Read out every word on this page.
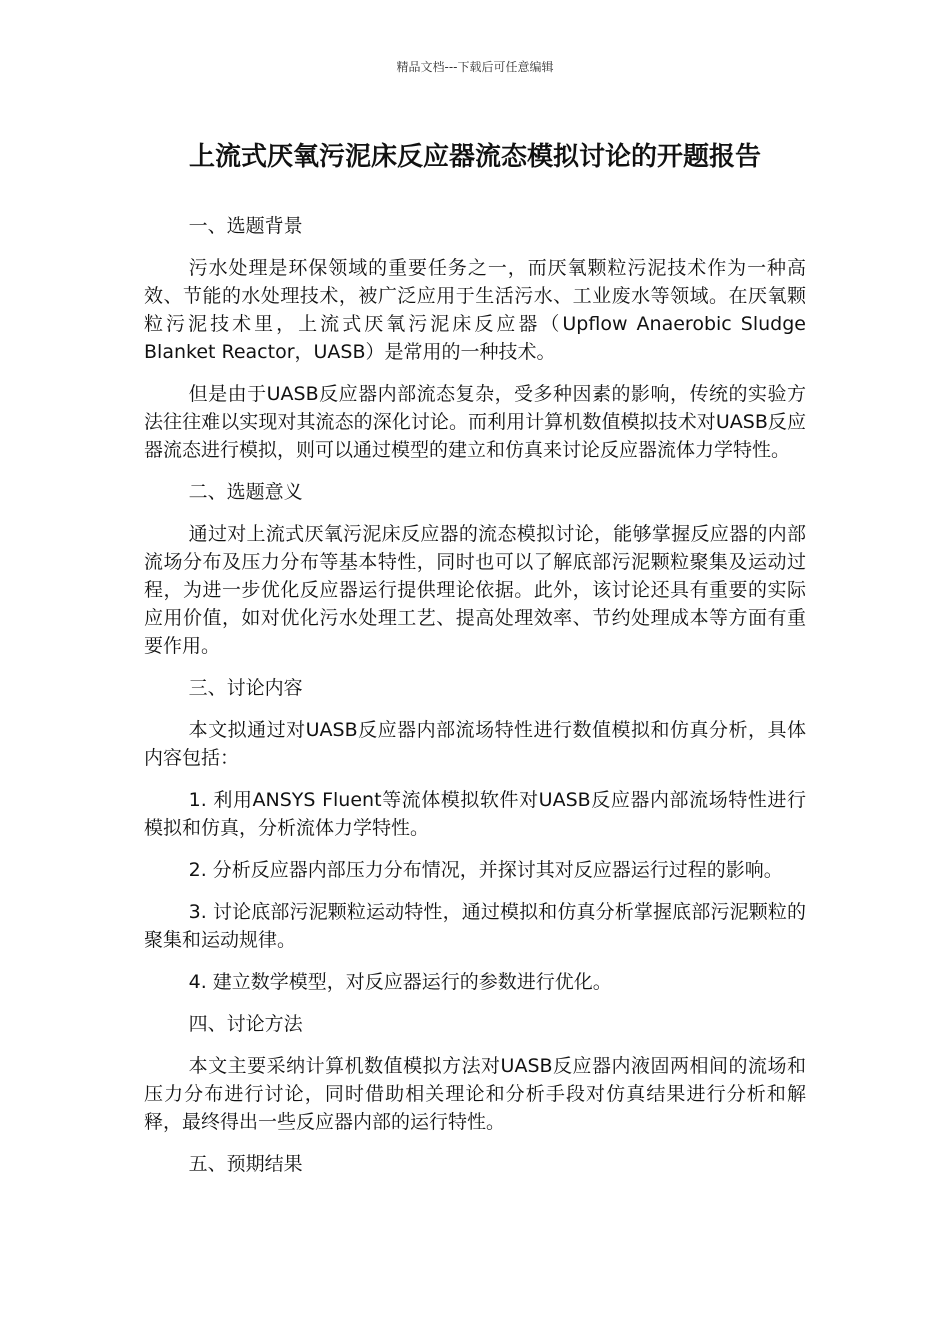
精品文档---下载后可任意编辑
上流式厌氧污泥床反应器流态模拟讨论的开题报告

一、选题背景

污水处理是环保领域的重要任务之一，而厌氧颗粒污泥技术作为一种高效、节能的水处理技术，被广泛应用于生活污水、工业废水等领域。在厌氧颗粒污泥技术里，上流式厌氧污泥床反应器（Upflow Anaerobic Sludge Blanket Reactor，UASB）是常用的一种技术。

但是由于UASB反应器内部流态复杂，受多种因素的影响，传统的实验方法往往难以实现对其流态的深化讨论。而利用计算机数值模拟技术对UASB反应器流态进行模拟，则可以通过模型的建立和仿真来讨论反应器流体力学特性。

二、选题意义

通过对上流式厌氧污泥床反应器的流态模拟讨论，能够掌握反应器的内部流场分布及压力分布等基本特性，同时也可以了解底部污泥颗粒聚集及运动过程，为进一步优化反应器运行提供理论依据。此外，该讨论还具有重要的实际应用价值，如对优化污水处理工艺、提高处理效率、节约处理成本等方面有重要作用。

三、讨论内容

本文拟通过对UASB反应器内部流场特性进行数值模拟和仿真分析，具体内容包括：

1. 利用ANSYS Fluent等流体模拟软件对UASB反应器内部流场特性进行模拟和仿真，分析流体力学特性。

2. 分析反应器内部压力分布情况，并探讨其对反应器运行过程的影响。

3. 讨论底部污泥颗粒运动特性，通过模拟和仿真分析掌握底部污泥颗粒的聚集和运动规律。

4. 建立数学模型，对反应器运行的参数进行优化。

四、讨论方法

本文主要采纳计算机数值模拟方法对UASB反应器内液固两相间的流场和压力分布进行讨论，同时借助相关理论和分析手段对仿真结果进行分析和解释，最终得出一些反应器内部的运行特性。

五、预期结果
